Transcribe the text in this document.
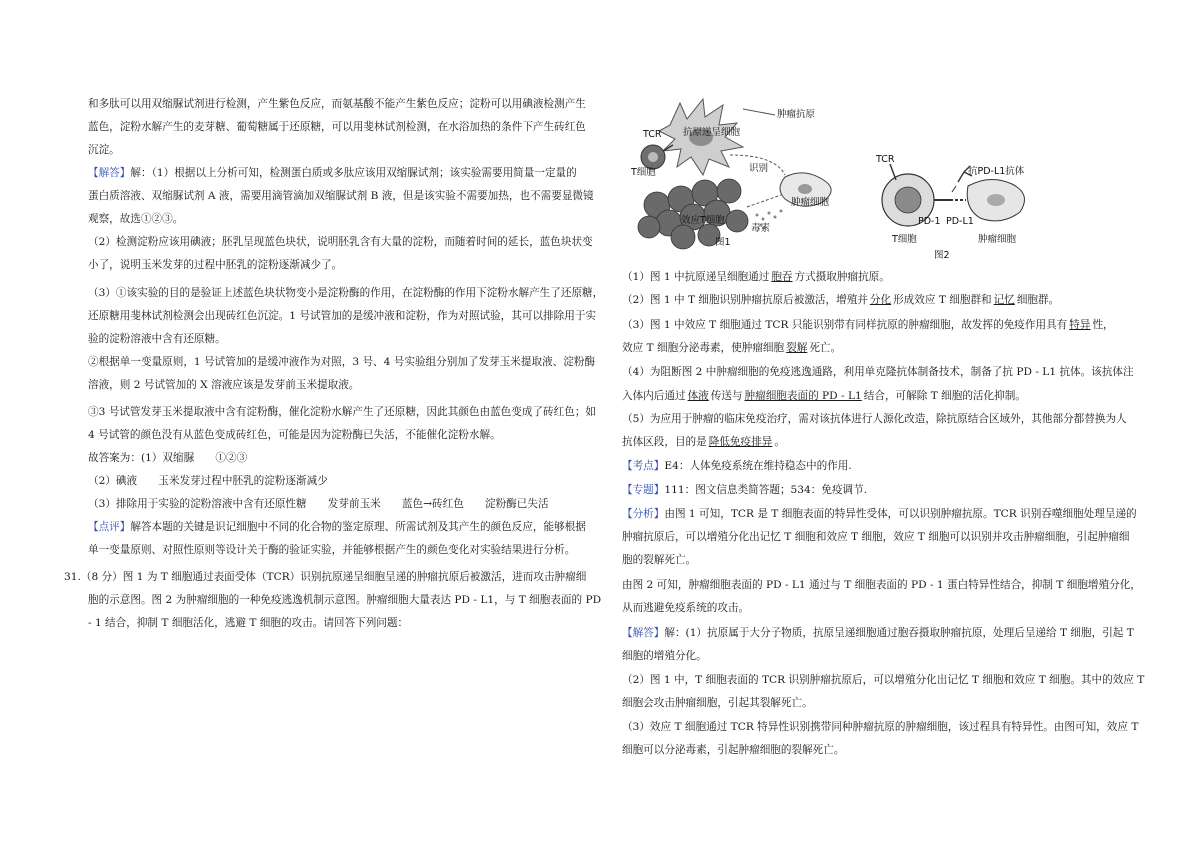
和多肽可以用双缩脲试剂进行检测，产生紫色反应，而氨基酸不能产生紫色反应；淀粉可以用碘液检测产生
蓝色，淀粉水解产生的麦芽糖、葡萄糖属于还原糖，可以用斐林试剂检测，在水浴加热的条件下产生砖红色
沉淀。
【解答】解：（1）根据以上分析可知，检测蛋白质或多肽应该用双缩脲试剂；该实验需要用简量一定量的
蛋白质溶液、双缩脲试剂 A 液，需要用滴管滴加双缩脲试剂 B 液，但是该实验不需要加热，也不需要显微镜
观察，故选①②③。
（2）检测淀粉应该用碘液；胚乳呈现蓝色块状，说明胚乳含有大量的淀粉，而随着时间的延长，蓝色块状变
小了，说明玉米发芽的过程中胚乳的淀粉逐渐减少了。
（3）①该实验的目的是验证上述蓝色块状物变小是淀粉酶的作用，在淀粉酶的作用下淀粉水解产生了还原糖，
还原糖用斐林试剂检测会出现砖红色沉淀。1 号试管加的是缓冲液和淀粉，作为对照试验，其可以排除用于实
验的淀粉溶液中含有还原糖。
②根据单一变量原则，1 号试管加的是缓冲液作为对照，3 号、4 号实验组分别加了发芽玉米提取液、淀粉酶
溶液，则 2 号试管加的 X 溶液应该是发芽前玉米提取液。
③3 号试管发芽玉米提取液中含有淀粉酶，催化淀粉水解产生了还原糖，因此其颜色由蓝色变成了砖红色；如
4 号试管的颜色没有从蓝色变成砖红色，可能是因为淀粉酶已失活，不能催化淀粉水解。
故答案为：(1）双缩脲　　①②③
（2）碘液　　玉米发芽过程中胚乳的淀粉逐渐减少
（3）排除用于实验的淀粉溶液中含有还原性糖　　发芽前玉米　　蓝色→砖红色　　淀粉酶已失活
【点评】解答本题的关键是识记细胞中不同的化合物的鉴定原理、所需试剂及其产生的颜色反应，能够根据
单一变量原则、对照性原则等设计关于酶的验证实验，并能够根据产生的颜色变化对实验结果进行分析。
31.（8 分）图 1 为 T 细胞通过表面受体（TCR）识别抗原递呈细胞呈递的肿瘤抗原后被激活，进而攻击肿瘤细
胞的示意图。图 2 为肿瘤细胞的一种免疫逃逸机制示意图。肿瘤细胞大量表达 PD - L1，与 T 细胞表面的 PD
- 1 结合，抑制 T 细胞活化，逃避 T 细胞的攻击。请回答下列问题：
TCR 抗原递呈细胞
肿瘤抗原
T细胞	识别
效应T细胞
肿瘤细胞
毒素
图1
TCR
抗PD-L1抗体
PD-1 PD-L1
T细胞	肿瘤细胞
图2
（1）图 1 中抗原递呈细胞通过 胞吞 方式摄取肿瘤抗原。
（2）图 1 中 T 细胞识别肿瘤抗原后被激活，增殖并 分化 形成效应 T 细胞群和 记忆 细胞群。
（3）图 1 中效应 T 细胞通过 TCR 只能识别带有同样抗原的肿瘤细胞，故发挥的免疫作用具有 特异 性，
效应 T 细胞分泌毒素，使肿瘤细胞 裂解 死亡。
（4）为阻断图 2 中肿瘤细胞的免疫逃逸通路，利用单克隆抗体制备技术，制备了抗 PD - L1 抗体。该抗体注
入体内后通过 体液 传送与 肿瘤细胞表面的 PD - L1 结合，可解除 T 细胞的活化抑制。
（5）为应用于肿瘤的临床免疫治疗，需对该抗体进行人源化改造，除抗原结合区域外，其他部分都替换为人
抗体区段，目的是 降低免疫排异 。
【考点】E4：人体免疫系统在维持稳态中的作用.
【专题】111：图文信息类简答题；534：免疫调节.
【分析】由图 1 可知，TCR 是 T 细胞表面的特异性受体，可以识别肿瘤抗原。TCR 识别吞噬细胞处理呈递的
肿瘤抗原后，可以增殖分化出记忆 T 细胞和效应 T 细胞，效应 T 细胞可以识别并攻击肿瘤细胞，引起肿瘤细
胞的裂解死亡。
由图 2 可知，肿瘤细胞表面的 PD - L1 通过与 T 细胞表面的 PD - 1 蛋白特异性结合，抑制 T 细胞增殖分化，
从而逃避免疫系统的攻击。
【解答】解：(1）抗原属于大分子物质，抗原呈递细胞通过胞吞摄取肿瘤抗原，处理后呈递给 T 细胞，引起 T
细胞的增殖分化。
（2）图 1 中，T 细胞表面的 TCR 识别肿瘤抗原后，可以增殖分化出记忆 T 细胞和效应 T 细胞。其中的效应 T
细胞会攻击肿瘤细胞，引起其裂解死亡。
（3）效应 T 细胞通过 TCR 特异性识别携带同种肿瘤抗原的肿瘤细胞，该过程具有特异性。由图可知，效应 T
细胞可以分泌毒素，引起肿瘤细胞的裂解死亡。
